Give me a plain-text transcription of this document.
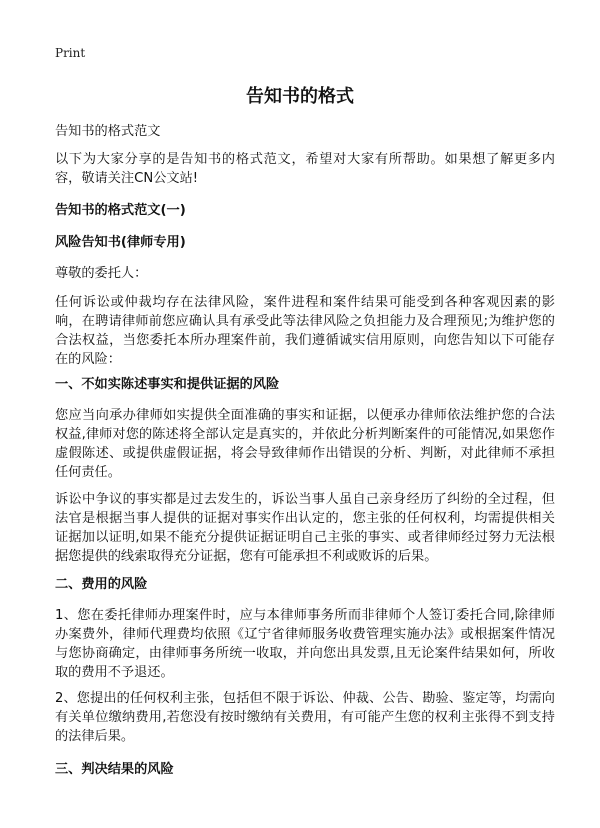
Print
告知书的格式

告知书的格式范文

以下为大家分享的是告知书的格式范文，希望对大家有所帮助。如果想了解更多内容，敬请关注CN公文站!

告知书的格式范文(一)

风险告知书(律师专用)

尊敬的委托人：

任何诉讼或仲裁均存在法律风险，案件进程和案件结果可能受到各种客观因素的影响，在聘请律师前您应确认具有承受此等法律风险之负担能力及合理预见;为维护您的合法权益，当您委托本所办理案件前，我们遵循诚实信用原则，向您告知以下可能存在的风险：

一、不如实陈述事实和提供证据的风险

您应当向承办律师如实提供全面准确的事实和证据，以便承办律师依法维护您的合法权益,律师对您的陈述将全部认定是真实的，并依此分析判断案件的可能情况,如果您作虚假陈述、或提供虚假证据，将会导致律师作出错误的分析、判断，对此律师不承担任何责任。

诉讼中争议的事实都是过去发生的，诉讼当事人虽自己亲身经历了纠纷的全过程，但法官是根据当事人提供的证据对事实作出认定的，您主张的任何权利，均需提供相关证据加以证明,如果不能充分提供证据证明自己主张的事实、或者律师经过努力无法根据您提供的线索取得充分证据，您有可能承担不利或败诉的后果。

二、费用的风险

1、您在委托律师办理案件时，应与本律师事务所而非律师个人签订委托合同,除律师办案费外，律师代理费均依照《辽宁省律师服务收费管理实施办法》或根据案件情况与您协商确定，由律师事务所统一收取，并向您出具发票,且无论案件结果如何，所收取的费用不予退还。

2、您提出的任何权利主张，包括但不限于诉讼、仲裁、公告、勘验、鉴定等，均需向有关单位缴纳费用,若您没有按时缴纳有关费用，有可能产生您的权利主张得不到支持的法律后果。

三、判决结果的风险
